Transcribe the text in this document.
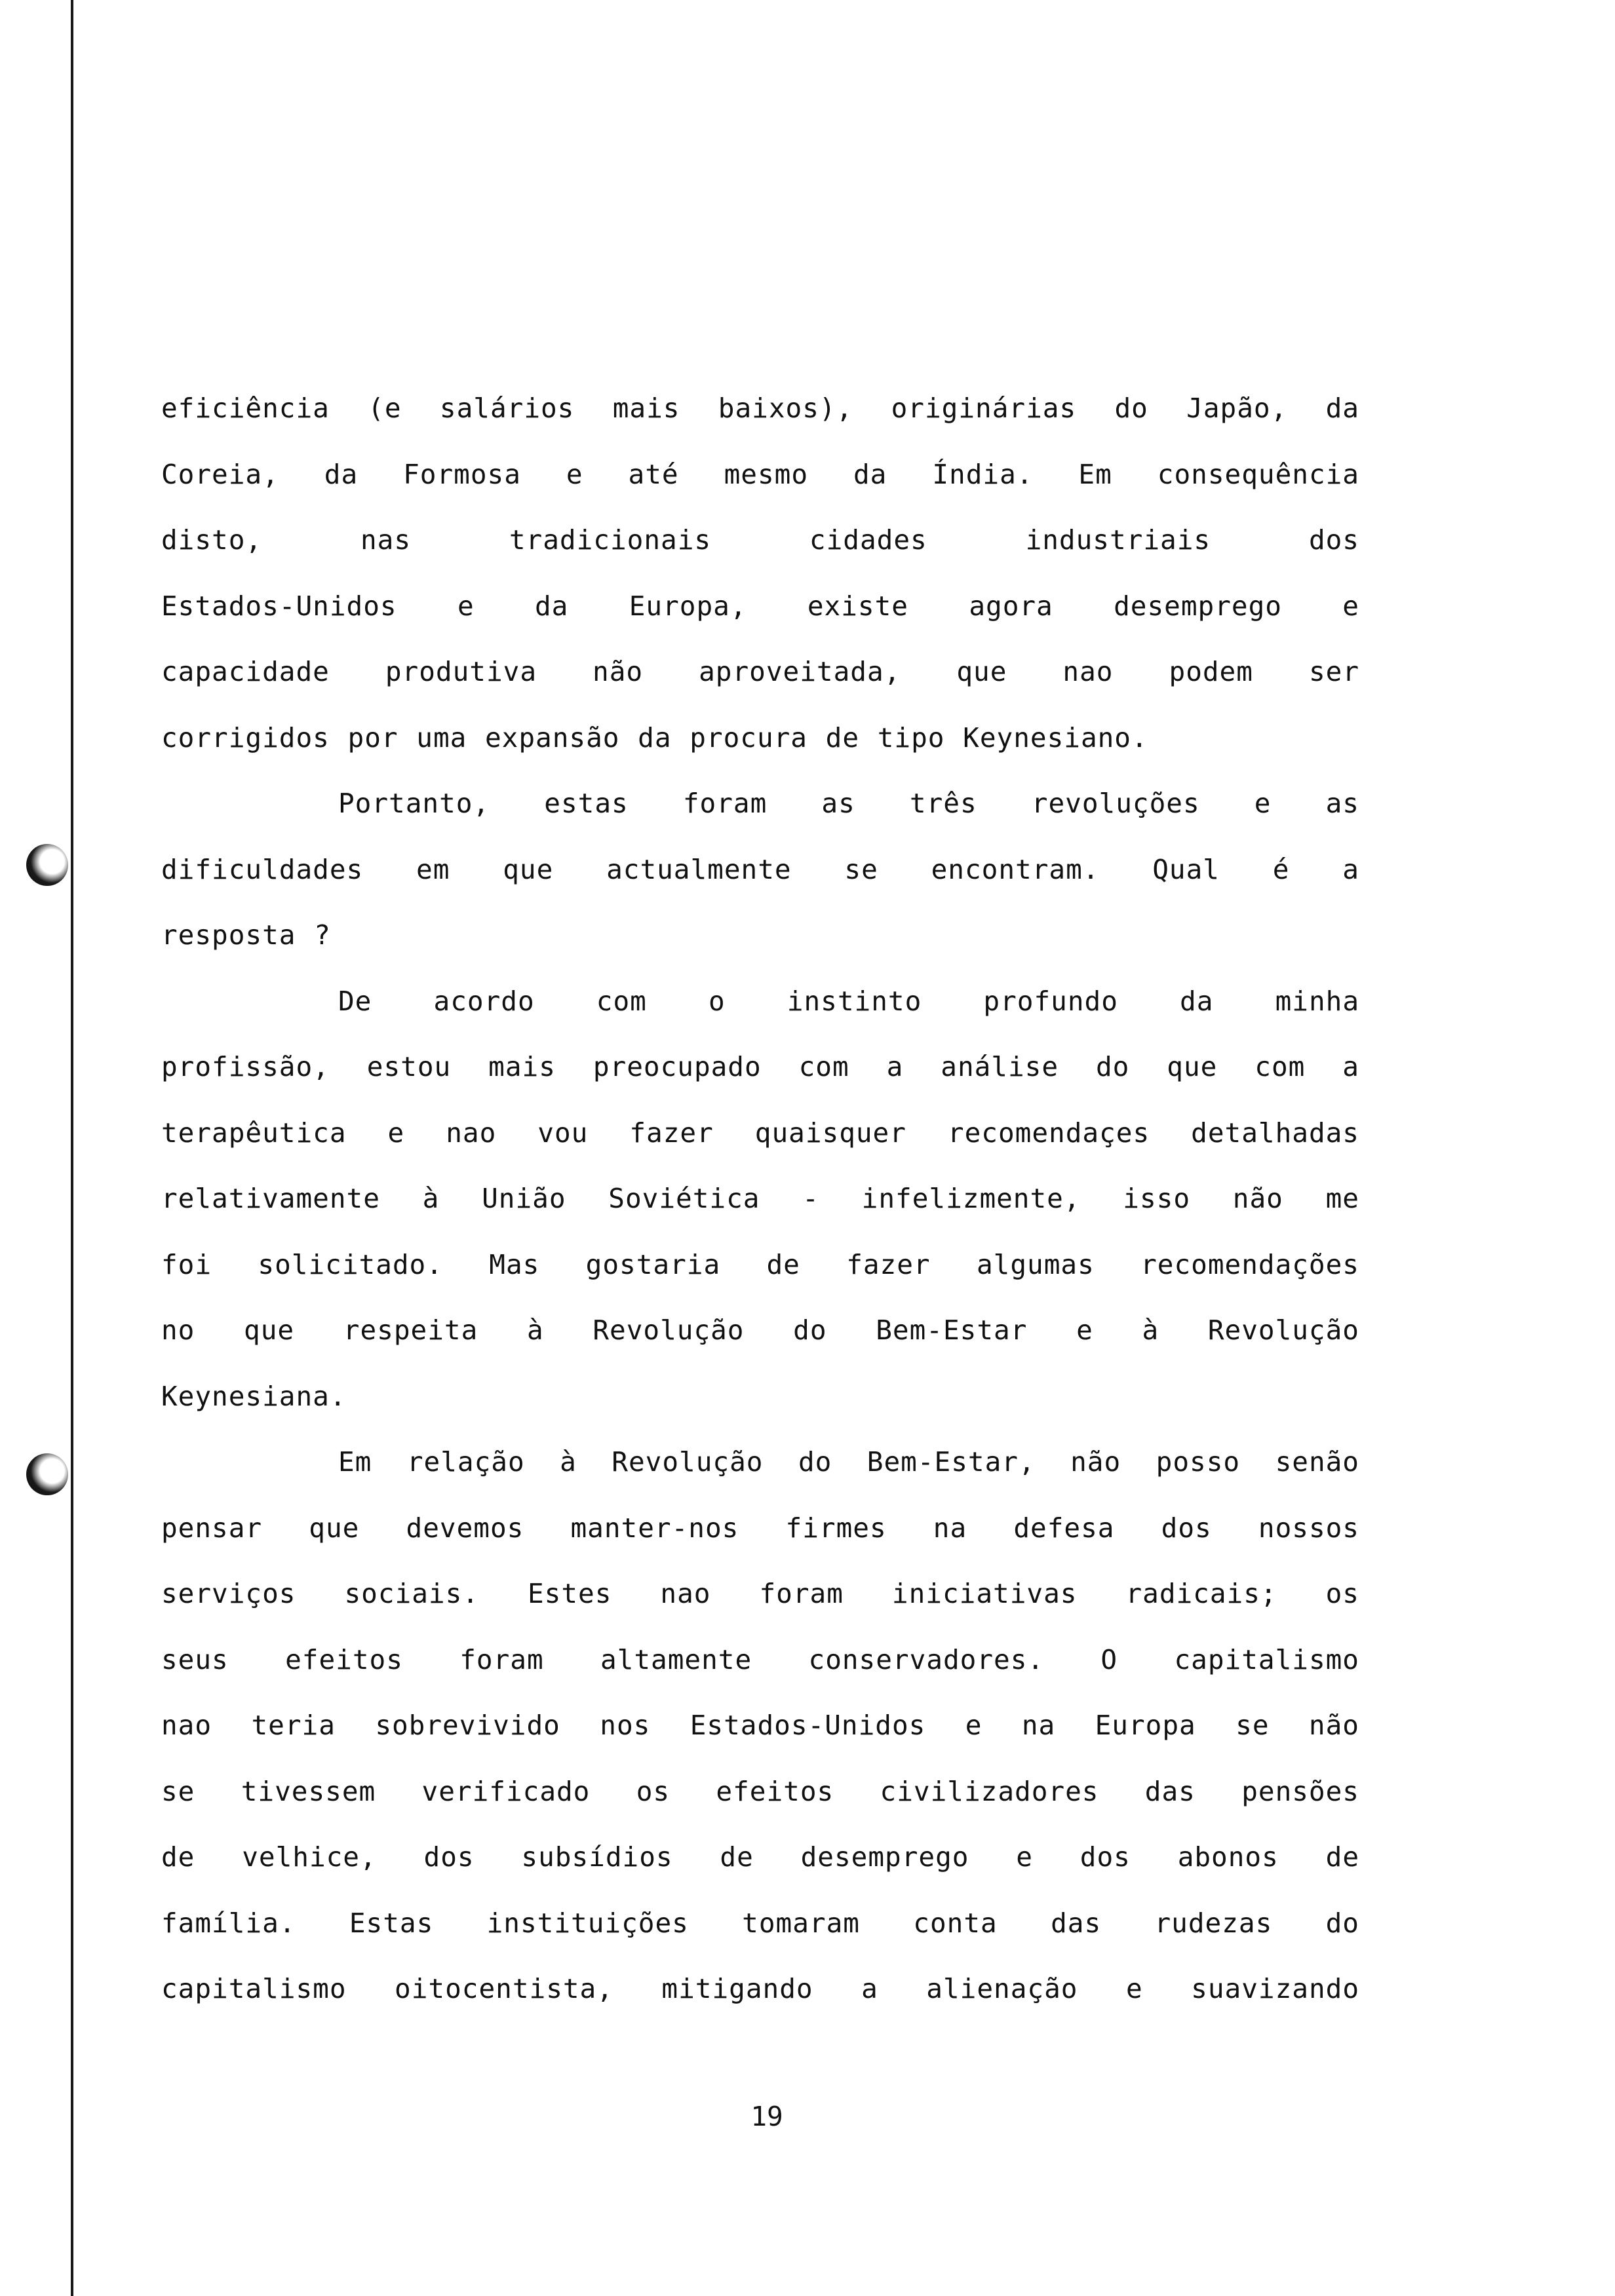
eficiência (e salários mais baixos), originárias do Japão, da
Coreia, da Formosa e até mesmo da Índia. Em consequência
disto, nas tradicionais cidades industriais dos
Estados-Unidos e da Europa, existe agora desemprego e
capacidade produtiva não aproveitada, que nao podem ser
corrigidos por uma expansão da procura de tipo Keynesiano.
Portanto, estas foram as três revoluções e as
dificuldades em que actualmente se encontram. Qual é a
resposta ?
De acordo com o instinto profundo da minha
profissão, estou mais preocupado com a análise do que com a
terapêutica e nao vou fazer quaisquer recomendaçes detalhadas
relativamente à União Soviética - infelizmente, isso não me
foi solicitado. Mas gostaria de fazer algumas recomendações
no que respeita à Revolução do Bem-Estar e à Revolução
Keynesiana.
Em relação à Revolução do Bem-Estar, não posso senão
pensar que devemos manter-nos firmes na defesa dos nossos
serviços sociais. Estes nao foram iniciativas radicais; os
seus efeitos foram altamente conservadores. O capitalismo
nao teria sobrevivido nos Estados-Unidos e na Europa se não
se tivessem verificado os efeitos civilizadores das pensões
de velhice, dos subsídios de desemprego e dos abonos de
família. Estas instituições tomaram conta das rudezas do
capitalismo oitocentista, mitigando a alienação e suavizando
19
